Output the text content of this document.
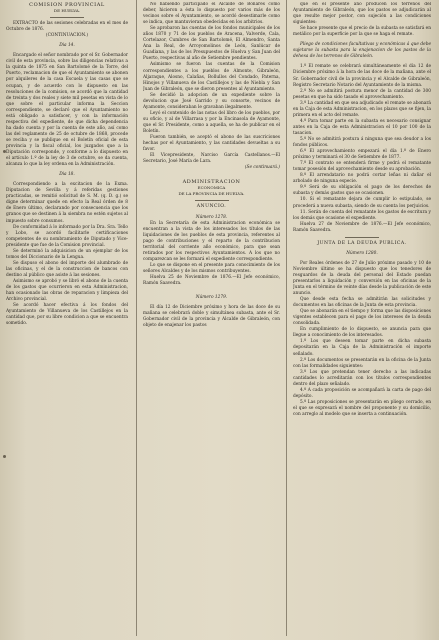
COMISION PROVINCIAL

DE HUELVA.

EXTRACTO de las sesiones celebradas en el mes de Octubre de 1876.

(CONTINUACION.)

Dia 14.

Encargado el señor nombrado por el Sr. Gobernador civil de esta provincia, sobre las diligencias relativas a la quinta de 1875 en San Bartolomé de la Torre, del Puerto, reclamacion de que el Ayuntamiento se abonen por alquileres de la casa Escuela y las casas que se ocupan, y de acuerdo con lo dispuesto en las resoluciones de la comision, se acordó que la cantidad de treinta y dos reales y siete mil pesetas en vista de lo que sobre el particular informa la Seccion correspondiente, se declaró que el Ayuntamiento no está obligado a satisfacer, y con la información respectiva del expediente, de que dicha dependencia ha dado cuenta y por la cuenta de este año, así como las del reglamento de 25 de octubre de 1868, procede se reciba y se publique en el Boletín oficial de esta provincia y la fiscal oficial, los juzgados que a la Diputación corresponde, y conforme a lo dispuesto en el artículo 1.º de la ley de 3 de octubre, se da cuenta, alcanza lo que la ley ordena en la Administración.

Dia 18.

Correspondiendo a la excitacion de la Exma. Diputacion de Sevilla y á referidas gestiones practicadas, se remitió solicitud de S. M. (q. D. g.) se digne determinar quede en efecto la Real órden de 8 de Enero último, declarando por consecuencia que los granos que se destinen á la siembra no estén sujetos al impuesto sobre consumos.

De conformidad á lo informado por la Dra. Sra. Tello y Lobo, se acordó facilitarle certificaciones competentes de su nombramiento de Diputado y Vice-presidente que fue de la Comision provincial.

Se determinó la adquisicion de un ejemplar de los tomos del Diccionario de la Lengua.

Se dispuso el abono del importe del alumbrado de las oficinas, y el de la construccion de bancos con destino al público que asiste á las sesiones.

Asimismo se aprobó y se libró el abono de la cuenta de los gastos que ocurrieron en esta Administracion, han ocasionado las obras de reparacion y limpieza del Archivo provincial.

Se acordó hacer efectiva á los fondos del Ayuntamiento de Villanueva de los Castillejos en la cantidad que, por su libre condicion a que se encuentra sometido.

No habiendo participado el Alcalde de Bonares como deber, hicieron a ésta lo dispuesto por varios más de los vecinos sobre el Ayuntamiento, se acordó desestimarle como se indica, que mantuvieran obedecidas en los arbitrios.

Se aprobaron las cuentas de los fondos municipales de los años 1870 y 71 de los pueblos de Aracena, Valverde, Cala, Cortelazor, Cumbres de San Bartolomé, El Almendro, Santa Ana la Real, de Arroyomolinos de León, Sanlúcar de Guadiana, y las de los Presupuestos de Huelva y San Juan del Puerto, respectivas al año de Setiembre pendientes.

Asimismo se fueron las cuentas de la Comision correspondientes a los pueblos de Almonte, Gibraleón, Aljaraque, Alosno, Calañas, Bollullos del Condado, Paterna, Hinojos y Villanueva de los Castillejos y las de Niebla y San Juan de Gibraleón, que se dieron presentes al Ayuntamiento.

Se decidió la adopcion de un expediente sobre la devolucion que José Garrido y su consorte, vecinos de Ayamonte, consideraban le gravaban ilegalmente.

Leyó el contenido de las notas del libro de los pueblos, por su oficio, y al de Villarrasa y por la Encinasola de Ayamonte, que el Sr. Presidente, como a aquella, se ha de publicar en el Boletín.

Fueron también, se aceptó el abono de las suscriciones hechas por el Ayuntamiento, y las cantidades devueltas a su favor.

El Vicepresidente, Narciso García Castellanos.—El Secretario, José María de Lara.

(Se continuará.)

ADMINISTRACION

ECONOMICA

DE LA PROVINCIA DE HUELVA.

ANUNCIO.

Número 1278.

En la Secretaría de esta Administracion económica se encuentran a la vista de los interesados los títulos de las liquidaciones de los pueblos de esta provincia, referentes al pago de contribuciones y el reparto de la contribucion territorial del corriente año económico, para que sean retirados por los respectivos Ayuntamientos. A los que no comparezcan se les formará el expediente correspondiente.

Lo que se dispone en el presente para conocimiento de los señores Alcaldes y de los mismos contribuyentes.

Huelva 25 de Noviembre de 1876.—El Jefe económico, Ramón Saavedra.

Número 1279.

El día 12 de Diciembre próximo y hora de las doce de su mañana se celebrará doble y simultánea subasta, ante el Sr. Gobernador civil de la provincia y Alcalde de Gibraleón, con objeto de enajenar los pastos

que en el presente año producen los terrenos del Ayuntamiento de Gibraleón, que los pastos se adjudicarán al que resulte mejor postor, con sujeción a las condiciones siguientes:

Se hace presente que el precio de la subasta se satisfará en metálico por la superficie por la que se haga el remate.

Pliego de condiciones facultativas y económicas á que debe sujetarse la subasta para la enajenacion de los pastos de la dehesa de los terrenos de Gibraleón.

1.º El remate se celebrará simultáneamente el día 12 de Diciembre próximo á la hora de las doce de la mañana, ante el Sr. Gobernador civil de la provincia y el Alcalde de Gibraleón, Registro Secretario Notario del Ayuntamiento de la misma.

2.º No se admitirá postura menor de la cantidad de 300 pesetas en que ha sido tasado el aprovechamiento.

3.º La cantidad en que sea adjudicado el remate se abonará en la Caja de esta Administracion, en los plazos que se fijen, la primera en el acto del remate.

4.º Para tomar parte en la subasta es necesario consignar antes en la Caja de esta Administracion el 10 por 100 de la tasacion.

5.º No se admitirá postura á ninguna que sea deudor a los fondos públicos.

6.º El aprovechamiento empezará el día 1.º de Enero próximo y terminará el 30 de Setiembre de 1877.

7.º El contrato se entenderá firme y podrá el rematante tomar posesión del aprovechamiento desde su aprobación.

8.º El arrendatario no podrá cortar leñas ni dañar el arbolado de ninguna especie.

9.º Será de su obligación el pago de los derechos de subasta y demás gastos que se ocasionen.

10. Si el rematante dejara de cumplir lo estipulado, se procederá a nueva subasta, siendo de su cuenta los perjuicios.

11. Serán de cuenta del rematante los gastos de escritura y los demás que ocasione el expediente.

Huelva 27 de Noviembre de 1876.—El Jefe económico, Ramón Saavedra.

JUNTA DE LA DEUDA PUBLICA.

Número 1280.

Por Reales órdenes de 27 de Julio próximo pasado y 10 de Noviembre último se ha dispuesto que los tenedores de resguardos de la deuda del personal del Estado puedan presentarlos a liquidación y conversión en las oficinas de la Junta en el término de veinte días desde la publicación de este anuncio.

Que desde esta fecha se admitirán las solicitudes y documentos en las oficinas de la Junta de esta provincia.

Que se abonarán en el tiempo y forma que las disposiciones vigentes establecen para el pago de los intereses de la deuda consolidada.

En cumplimiento de lo dispuesto, se anuncia para que llegue a conocimiento de los interesados.

1.º Los que deseen tomar parte en dicha subasta depositarán en la Caja de la Administración el importe señalado.

2.º Los documentos se presentarán en la oficina de la Junta con las formalidades siguientes:

3.º Los que pretendan tener derecho a las indicadas cantidades lo acreditarán con los títulos correspondientes dentro del plazo señalado.

4.º A cada proposición se acompañará la carta de pago del depósito.

5.º Las proposiciones se presentarán en pliego cerrado, en el que se expresará el nombre del proponente y su domicilio, con arreglo al modelo que se inserta a continuación.
